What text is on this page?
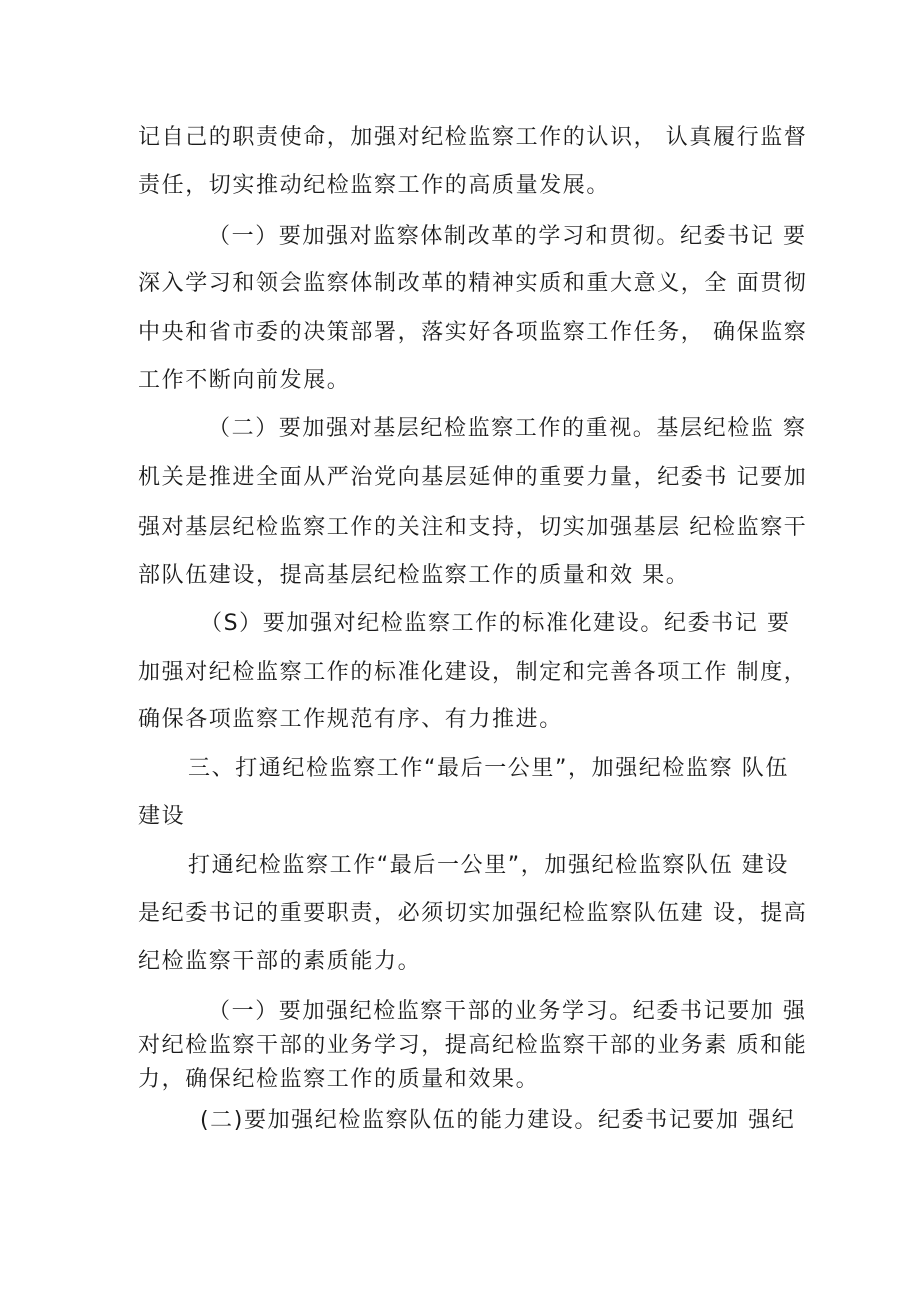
记自己的职责使命，加强对纪检监察工作的认识， 认真履行监督
责任，切实推动纪检监察工作的高质量发展。
（一）要加强对监察体制改革的学习和贯彻。纪委书记 要
深入学习和领会监察体制改革的精神实质和重大意义，全 面贯彻
中央和省市委的决策部署，落实好各项监察工作任务， 确保监察
工作不断向前发展。
（二）要加强对基层纪检监察工作的重视。基层纪检监 察
机关是推进全面从严治党向基层延伸的重要力量，纪委书 记要加
强对基层纪检监察工作的关注和支持，切实加强基层 纪检监察干
部队伍建设，提高基层纪检监察工作的质量和效 果。
（S）要加强对纪检监察工作的标准化建设。纪委书记 要
加强对纪检监察工作的标准化建设，制定和完善各项工作 制度，
确保各项监察工作规范有序、有力推进。
三、打通纪检监察工作“最后一公里”，加强纪检监察 队伍
建设
打通纪检监察工作“最后一公里”，加强纪检监察队伍 建设
是纪委书记的重要职责，必须切实加强纪检监察队伍建 设，提高
纪检监察干部的素质能力。
（一）要加强纪检监察干部的业务学习。纪委书记要加 强
对纪检监察干部的业务学习，提高纪检监察干部的业务素 质和能
力，确保纪检监察工作的质量和效果。
(二)要加强纪检监察队伍的能力建设。纪委书记要加 强纪
